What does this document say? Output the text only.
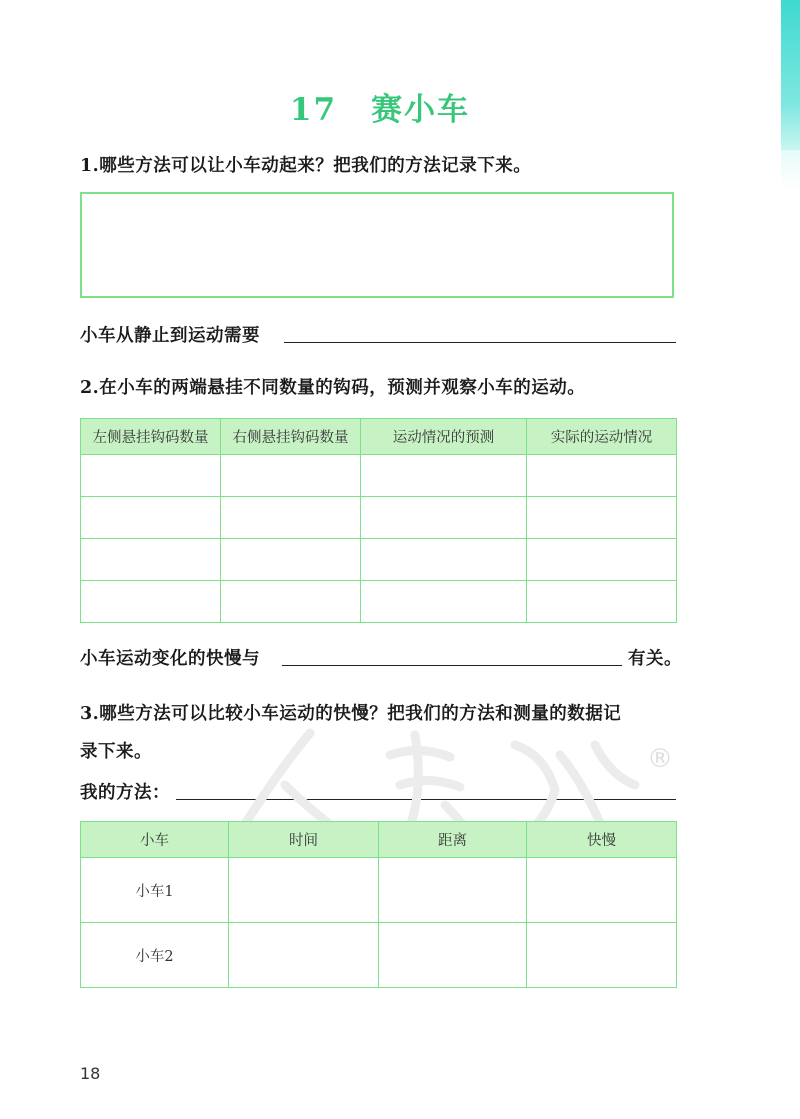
17 赛小车
1.哪些方法可以让小车动起来？把我们的方法记录下来。
小车从静止到运动需要
2.在小车的两端悬挂不同数量的钩码，预测并观察小车的运动。
左侧悬挂钩码数量	右侧悬挂钩码数量	运动情况的预测	实际的运动情况

小车运动变化的快慢与	有关。
3.哪些方法可以比较小车运动的快慢？把我们的方法和测量的数据记
录下来。
我的方法：
®
小车	时间	距离	快慢
小车1			
小车2			
18
